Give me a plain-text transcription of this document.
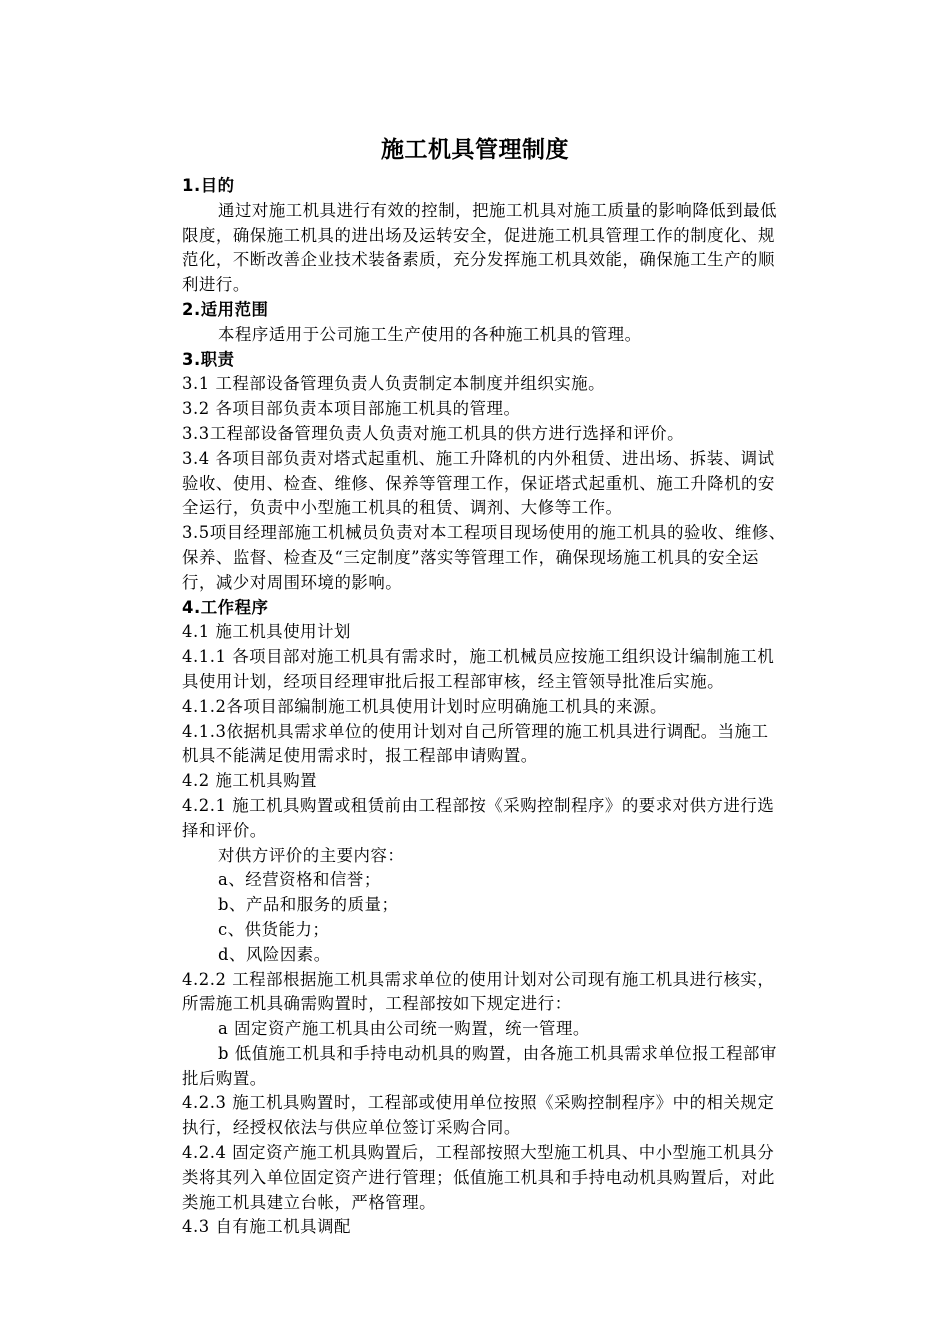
施工机具管理制度

1.目的

通过对施工机具进行有效的控制，把施工机具对施工质量的影响降低到最低

限度，确保施工机具的进出场及运转安全，促进施工机具管理工作的制度化、规

范化，不断改善企业技术装备素质，充分发挥施工机具效能，确保施工生产的顺

利进行。

2.适用范围

本程序适用于公司施工生产使用的各种施工机具的管理。

3.职责

3.1 工程部设备管理负责人负责制定本制度并组织实施。

3.2 各项目部负责本项目部施工机具的管理。

3.3工程部设备管理负责人负责对施工机具的供方进行选择和评价。

3.4 各项目部负责对塔式起重机、施工升降机的内外租赁、进出场、拆装、调试

验收、使用、检查、维修、保养等管理工作，保证塔式起重机、施工升降机的安

全运行，负责中小型施工机具的租赁、调剂、大修等工作。

3.5项目经理部施工机械员负责对本工程项目现场使用的施工机具的验收、维修、

保养、监督、检查及“三定制度”落实等管理工作，确保现场施工机具的安全运

行，减少对周围环境的影响。

4.工作程序

4.1 施工机具使用计划

4.1.1 各项目部对施工机具有需求时，施工机械员应按施工组织设计编制施工机

具使用计划，经项目经理审批后报工程部审核，经主管领导批准后实施。

4.1.2各项目部编制施工机具使用计划时应明确施工机具的来源。

4.1.3依据机具需求单位的使用计划对自己所管理的施工机具进行调配。当施工

机具不能满足使用需求时，报工程部申请购置。

4.2 施工机具购置

4.2.1 施工机具购置或租赁前由工程部按《采购控制程序》的要求对供方进行选

择和评价。

对供方评价的主要内容：

a、经营资格和信誉；

b、产品和服务的质量；

c、供货能力；

d、风险因素。

4.2.2 工程部根据施工机具需求单位的使用计划对公司现有施工机具进行核实，

所需施工机具确需购置时，工程部按如下规定进行：

a 固定资产施工机具由公司统一购置，统一管理。

b 低值施工机具和手持电动机具的购置，由各施工机具需求单位报工程部审

批后购置。

4.2.3 施工机具购置时，工程部或使用单位按照《采购控制程序》中的相关规定

执行，经授权依法与供应单位签订采购合同。

4.2.4 固定资产施工机具购置后，工程部按照大型施工机具、中小型施工机具分

类将其列入单位固定资产进行管理；低值施工机具和手持电动机具购置后，对此

类施工机具建立台帐，严格管理。

4.3 自有施工机具调配
